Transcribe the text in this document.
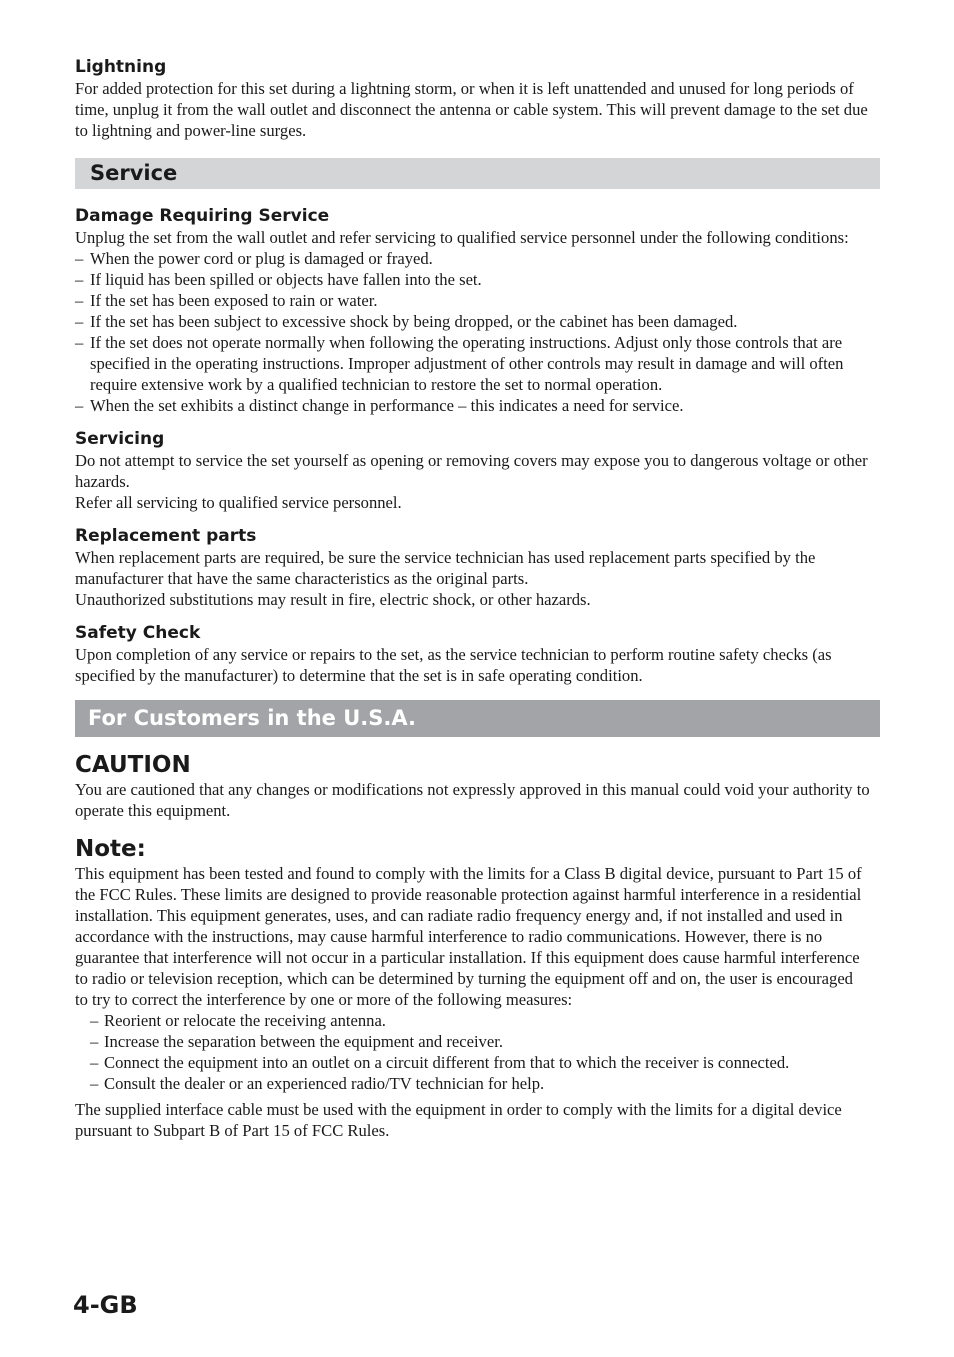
Lightning

For added protection for this set during a lightning storm, or when it is left unattended and unused for long periods of time, unplug it from the wall outlet and disconnect the antenna or cable system. This will prevent damage to the set due to lightning and power-line surges.

Service
Damage Requiring Service

Unplug the set from the wall outlet and refer servicing to qualified service personnel under the following conditions:

– When the power cord or plug is damaged or frayed.
– If liquid has been spilled or objects have fallen into the set.
– If the set has been exposed to rain or water.
– If the set has been subject to excessive shock by being dropped, or the cabinet has been damaged.
– If the set does not operate normally when following the operating instructions. Adjust only those controls that are specified in the operating instructions. Improper adjustment of other controls may result in damage and will often require extensive work by a qualified technician to restore the set to normal operation.
– When the set exhibits a distinct change in performance – this indicates a need for service.
Servicing

Do not attempt to service the set yourself as opening or removing covers may expose you to dangerous voltage or other hazards.

Refer all servicing to qualified service personnel.

Replacement parts

When replacement parts are required, be sure the service technician has used replacement parts specified by the manufacturer that have the same characteristics as the original parts.

Unauthorized substitutions may result in fire, electric shock, or other hazards.

Safety Check

Upon completion of any service or repairs to the set, as the service technician to perform routine safety checks (as specified by the manufacturer) to determine that the set is in safe operating condition.

For Customers in the U.S.A.
CAUTION

You are cautioned that any changes or modifications not expressly approved in this manual could void your authority to operate this equipment.

Note:

This equipment has been tested and found to comply with the limits for a Class B digital device, pursuant to Part 15 of the FCC Rules. These limits are designed to provide reasonable protection against harmful interference in a residential installation. This equipment generates, uses, and can radiate radio frequency energy and, if not installed and used in accordance with the instructions, may cause harmful interference to radio communications. However, there is no guarantee that interference will not occur in a particular installation. If this equipment does cause harmful interference to radio or television reception, which can be determined by turning the equipment off and on, the user is encouraged to try to correct the interference by one or more of the following measures:

– Reorient or relocate the receiving antenna.
– Increase the separation between the equipment and receiver.
– Connect the equipment into an outlet on a circuit different from that to which the receiver is connected.
– Consult the dealer or an experienced radio/TV technician for help.

The supplied interface cable must be used with the equipment in order to comply with the limits for a digital device pursuant to Subpart B of Part 15 of FCC Rules.

4-GB
